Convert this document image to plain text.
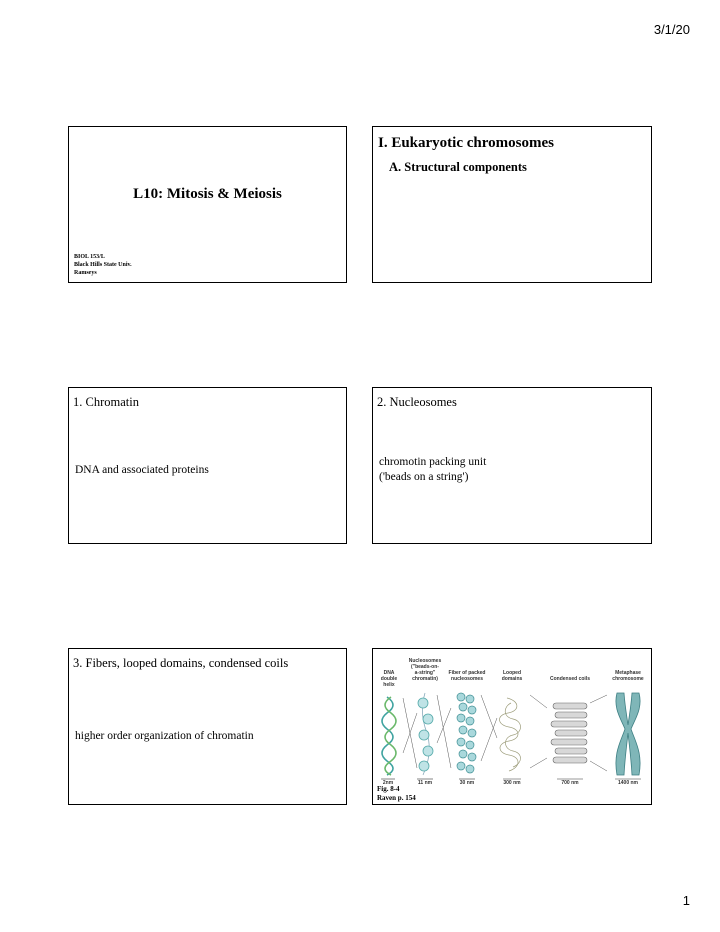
3/1/20
L10: Mitosis & Meiosis
BIOL 153/L
Black Hills State Univ.
Ramseys
I. Eukaryotic chromosomes
A. Structural components
1. Chromatin
DNA and associated proteins
2. Nucleosomes
chromotin packing unit
('beads on a string')
3. Fibers, looped domains, condensed coils
higher order organization of chromatin
DNA double helix
Nucleosomes ("beads-on-a-string" chromatin)
Fiber of packed nucleosomes
Looped domains	Condensed coils
Metaphase chromosome
2nm	11 nm	30 nm	300 nm	700 nm	1400 nm
Fig. 8-4
Raven p. 154
1
